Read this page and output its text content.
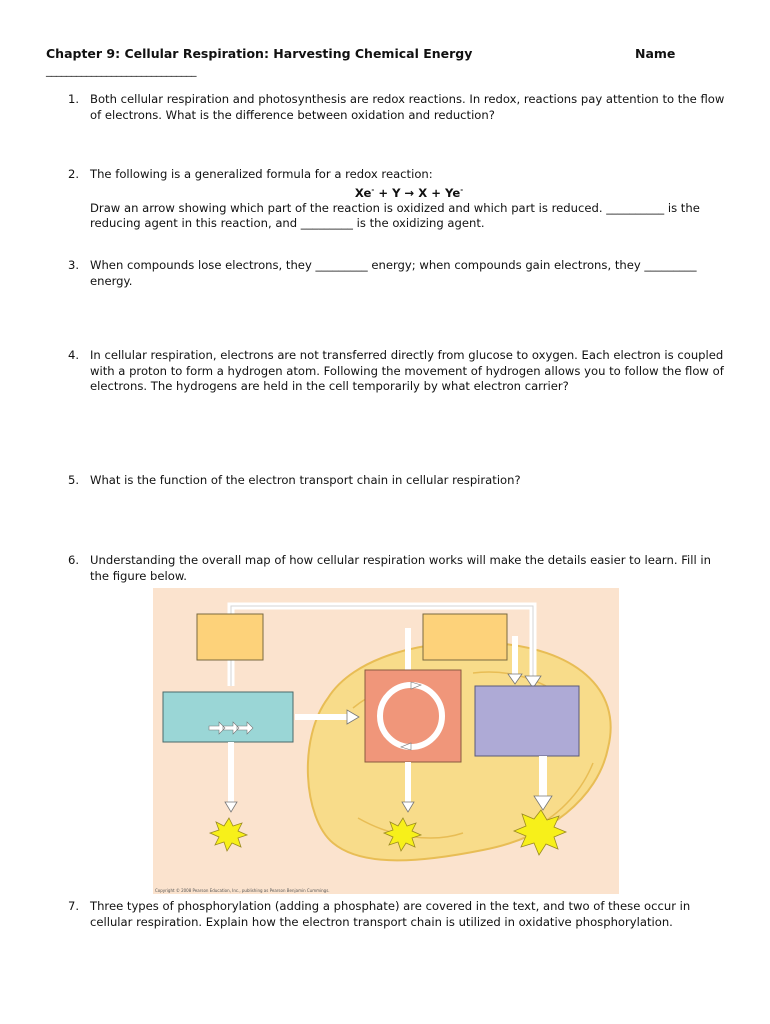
Chapter 9: Cellular Respiration: Harvesting Chemical Energy	Name
______________________________
1. Both cellular respiration and photosynthesis are redox reactions. In redox, reactions pay attention to the flow of electrons. What is the difference between oxidation and reduction?
2. The following is a generalized formula for a redox reaction:
Xe- + Y → X + Ye-
Draw an arrow showing which part of the reaction is oxidized and which part is reduced. __________ is the reducing agent in this reaction, and _________ is the oxidizing agent.
3. When compounds lose electrons, they _________ energy; when compounds gain electrons, they _________ energy.
4. In cellular respiration, electrons are not transferred directly from glucose to oxygen. Each electron is coupled with a proton to form a hydrogen atom. Following the movement of hydrogen allows you to follow the flow of electrons. The hydrogens are held in the cell temporarily by what electron carrier?
5. What is the function of the electron transport chain in cellular respiration?
6. Understanding the overall map of how cellular respiration works will make the details easier to learn. Fill in the figure below.
Copyright © 2008 Pearson Education, Inc., publishing as Pearson Benjamin Cummings.
7. Three types of phosphorylation (adding a phosphate) are covered in the text, and two of these occur in cellular respiration. Explain how the electron transport chain is utilized in oxidative phosphorylation.
